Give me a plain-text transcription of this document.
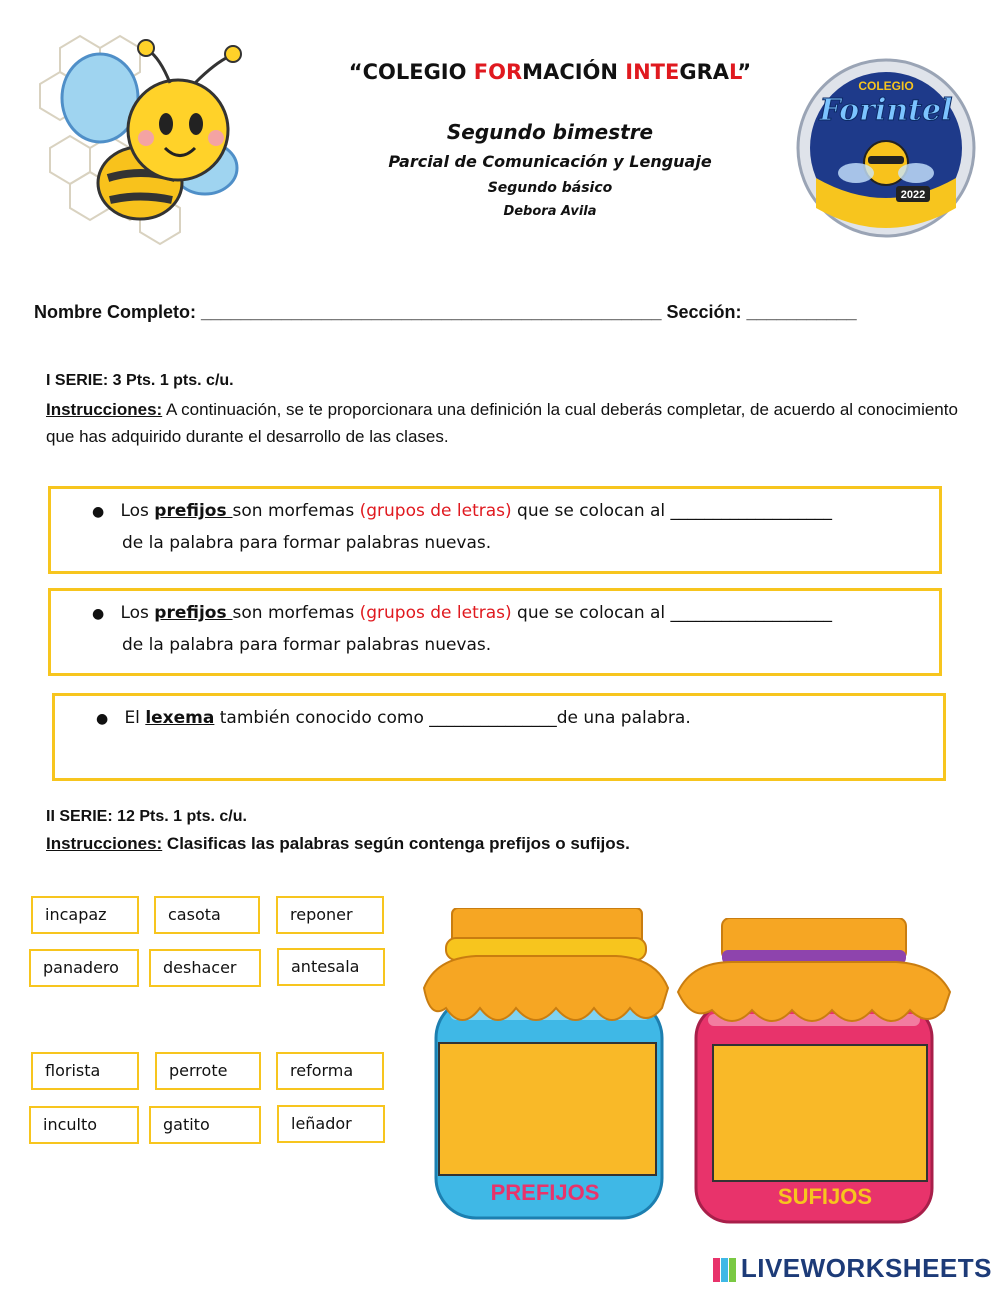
“COLEGIO FORMACIÓN INTEGRAL”
Segundo bimestre
Parcial de Comunicación y Lenguaje
Segundo básico
Debora Avila
COLEGIO
Forintel
2022
Nombre Completo: ______________________________________________ Sección: ___________
I SERIE: 3 Pts. 1 pts. c/u.
Instrucciones: A continuación, se te proporcionara una definición la cual deberás completar, de acuerdo al conocimiento que has adquirido durante el desarrollo de las clases.
● Los prefijos son morfemas (grupos de letras) que se colocan al ___________________
de la palabra para formar palabras nuevas.
● Los prefijos son morfemas (grupos de letras) que se colocan al ___________________
de la palabra para formar palabras nuevas.
● El lexema también conocido como _______________de una palabra.
II SERIE: 12 Pts. 1 pts. c/u.
Instrucciones: Clasificas las palabras según contenga prefijos o sufijos.
incapaz	casota	reponer
panadero	deshacer	antesala
florista	perrote	reforma
inculto	gatito	leñador
PREFIJOS	SUFIJOS
LIVEWORKSHEETS
